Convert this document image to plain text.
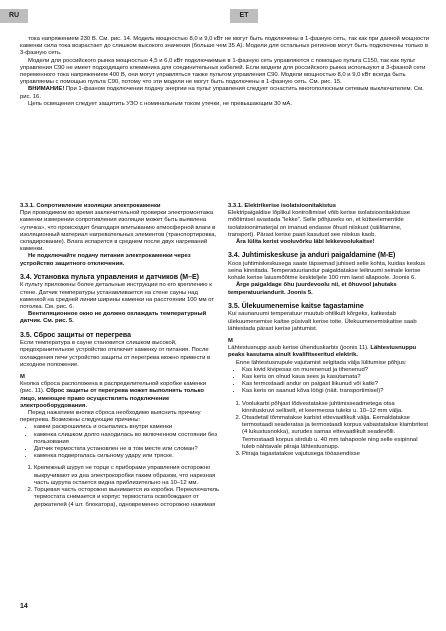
RU	ET

тока напряжением 230 В. См. рис. 14. Модель мощностью 8,0 и 9,0 кВт не могут быть подключены в 1-фазную сеть, так как при данной мощности каменки сила тока возрастает до слишком высокого значения (больше чем 35 А). Модели для остальных регионов могут быть подключены только в 3-фазную сеть.

Модели для российского рынка мощностью 4,5 и 6,0 кВт подключаемые в 1-фазную сеть управляются с помощью пульта C150, так как пульт управления C90 не имеет подходящего клеммника для соединительных кабелей. Если модели для российского рынка используют в 3-фазной сети переменного тока напряжением 400 В, они могут управляться также пультом управления C90. Модели мощностью 8,0 и 9,0 кВт всегда быть управляемы с помощью пульта C90, потому что эти модели не могут быть подключены в 1-фазную сеть. См. рис. 15.

ВНИМАНИЕ! При 1-фазном подключении подачу энергии на пульт управления следует оснастить многополюсным сетевым выключателем. См. рис. 16.

Цепь освещения следует защитить УЗО с номинальным током утечки, не превышающим 30 мА.

3.3.1. Сопротивление изоляции электрокаменки

При проводимом во время заключительной проверки электромонтажа каменки измерении сопротивления изоляции может быть выявлена «утечка», что происходит благодаря впитыванию атмосферной влаги в изоляционный материал нагревательных элементов (транспортировка, складирование). Влага испарится в среднем после двух нагреваний каменки.

Не подключайте подачу питания электрокаменки через устройство защитного отключения.

3.4. Установка пульта управления и датчиков (М–Е)

К пульту приложены более детальные инструкции по его креплению к стене. Датчик температуры устанавливается на стене сауны над каменкой на средней линии ширины каменки на расстоянии 100 мм от потолка. См. рис. 6.

Вентиляционное окно не должно охлаждать температурный датчик. См. рис. 5.

3.5. Сброс защиты от перегрева

Если температура в сауне становится слишком высокой, предохранительное устройство отключит каменку от питания. После охлаждения печи устройство защиты от перегрева можно привести в исходное положение.

M

Кнопка сброса расположена в распределительной коробке каменки (рис. 11). Сброс защиты от перегрева может выполнять только лицо, имеющее право осуществлять подключение электрооборудования.

Перед нажатием кнопки сброса необходимо выяснить причину перегрева. Возможны следующие причины:

• камни раскрошились и осыпались внутри каменки
• каменка слишком долго находилась во включенном состоянии без пользования
• Датчик термостата установлен не в том месте или сломан?
• каменка подвергалась сильному удару или тряске.
1. Крепежный шуруп не торце с приборами управления осторожно выкручивают из дна электрокоробки таким образом, что нарезная часть шурупа остается видна приблизительно на 10–12 мм.
2. Торцевая часть осторожно вынимается из коробки. Переключатель термостата снимается и корпус термостата освобождают от держателей (4 шт. блокатора), одновременно осторожно нажимая

3.3.1. Elektrikerise isolatsioonitakistus

Elektripaigaldise lõplikul kontrollimisel võib kerise isolatsioonitakistuse mõõtmisel avastada “lekke”. Selle põhjuseks on, et kütteelementide isolatsioonimaterjal on imanud endasse õhust niiskust (säilitamine, transport). Pärast kerise paari kasutust see niiskus kaob.

Ära lülita kerist vooluvõrku läbi lekkevoolukaitse!

3.4. Juhtimiskeskuse ja anduri paigaldamine (M-E)

Koos juhtimiskeskusega saate täpsemad juhised selle kohta, kuidas keskus seina kinnitada. Temperatuuriandur paigaldatakse leiliruumi seinale kerise kohale kerise laiusmõõtme keskteljele 100 mm laest allapoole. Joonis 6.

Ärge paigaldage õhu juurdevoolu nii, et õhuvool jahutaks temperatuuriandurit. Joonis 5.

3.5. Ülekuumenemise kaitse tagastamine

Kui saunaruumi temperatuur muutub ohtlikult kõrgeks, katkestab ülekuumenemise kaitse püsivalt kerise toite. Ülekuumenemiskaitse saab lähtestada pärast kerise jahtumist.

M

Lähtestusnupp asub kerise ühenduskarbis (joonis 11). Lähtestusnuppu peaks kasutama ainult kvalifitseeritud elektrik.

Enne lähtestusnupule vajutamist selgitada välja lülitumise põhjus:

• Kas kivid kivipesas on murenenud ja tihenenud?
• Kas keris on olnud kaua sees ja kasutamata?
• Kas termostaadi andur on paigast liikunud või katki?
• Kas keris on saanud kõva löögi (näit. transportimisel)?
1. Voolukarbi põhjast lõdvestatakse juhtimisseadmetega otsa kinnituskruvi selliselt, et keermeosa tuleks u. 10–12 mm välja.
2. Otsadetail tõmmatakse karbist ettevaatlikult välja. Eemaldatakse termostaadi seaderatas ja termostaadi korpus vabastatakse klambritest (4 lukustusnokka), surudes samas ettevaatlikult seadevõlli. Termostaadi korpus siirdub u. 40 mm tahapoole ning selle esipinnal tuleb nähtavale piiraja lähtestusnupp.
3. Piiraja tagastatakse vajutusega tööasendisse
14
